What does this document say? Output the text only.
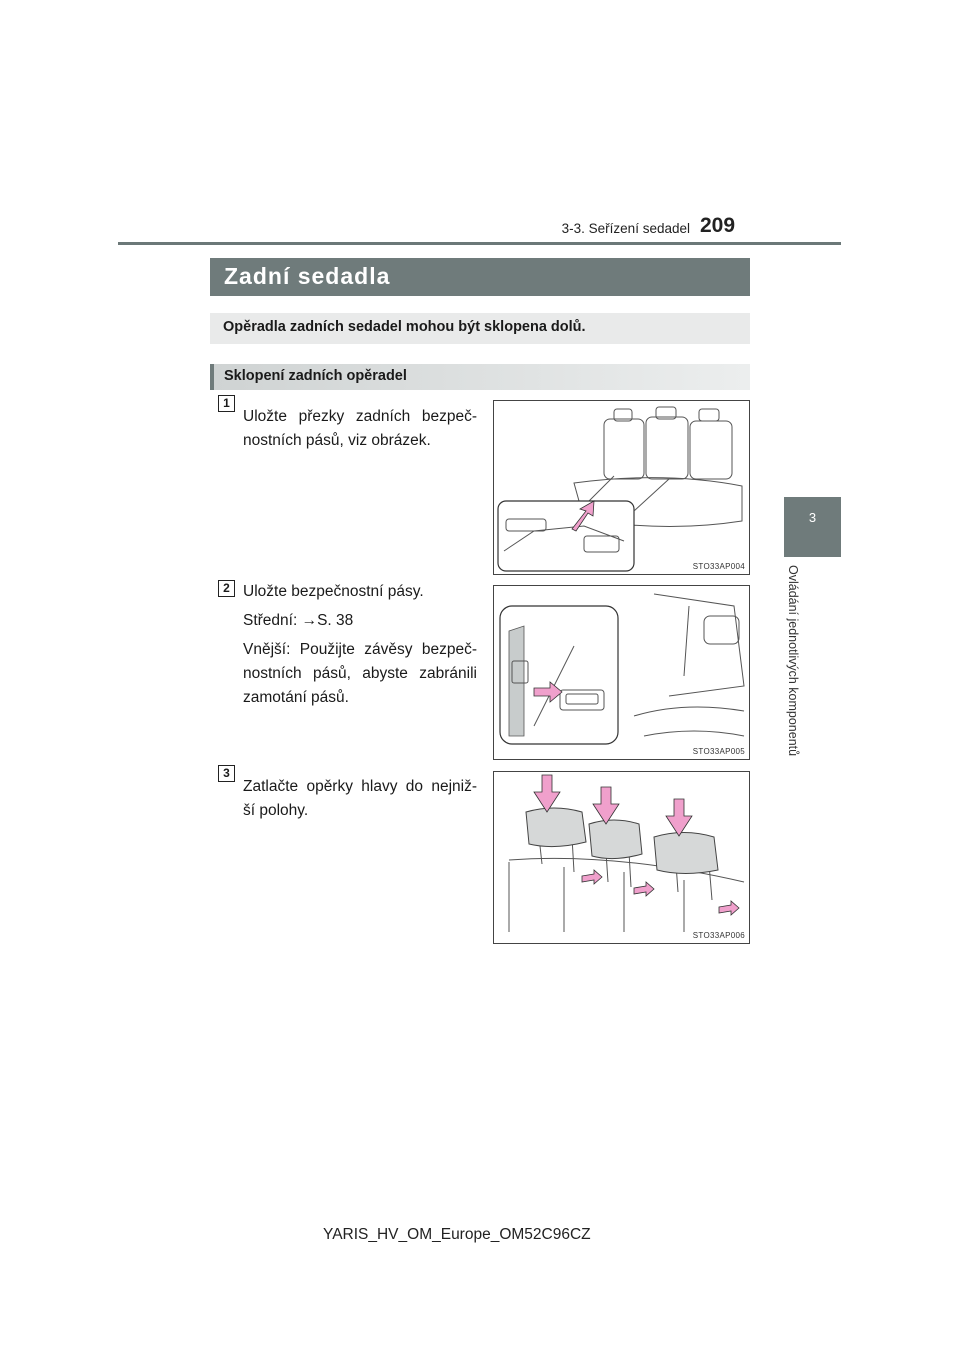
3-3. Seřízení sedadel 209
3
Ovládání jednotlivých komponentů
Zadní sedadla
Opěradla zadních sedadel mohou být sklopena dolů.
Sklopení zadních opěradel
1
Uložte přezky zadních bezpeč-
nostních pásů, viz obrázek.
STO33AP004
2 Uložte bezpečnostní pásy.
Střední: →S. 38
Vnější: Použijte závěsy bezpeč-
nostních pásů, abyste zabránili
zamotání pásů.
STO33AP005
3
Zatlačte opěrky hlavy do nejniž-
ší polohy.
STO33AP006
YARIS_HV_OM_Europe_OM52C96CZ
